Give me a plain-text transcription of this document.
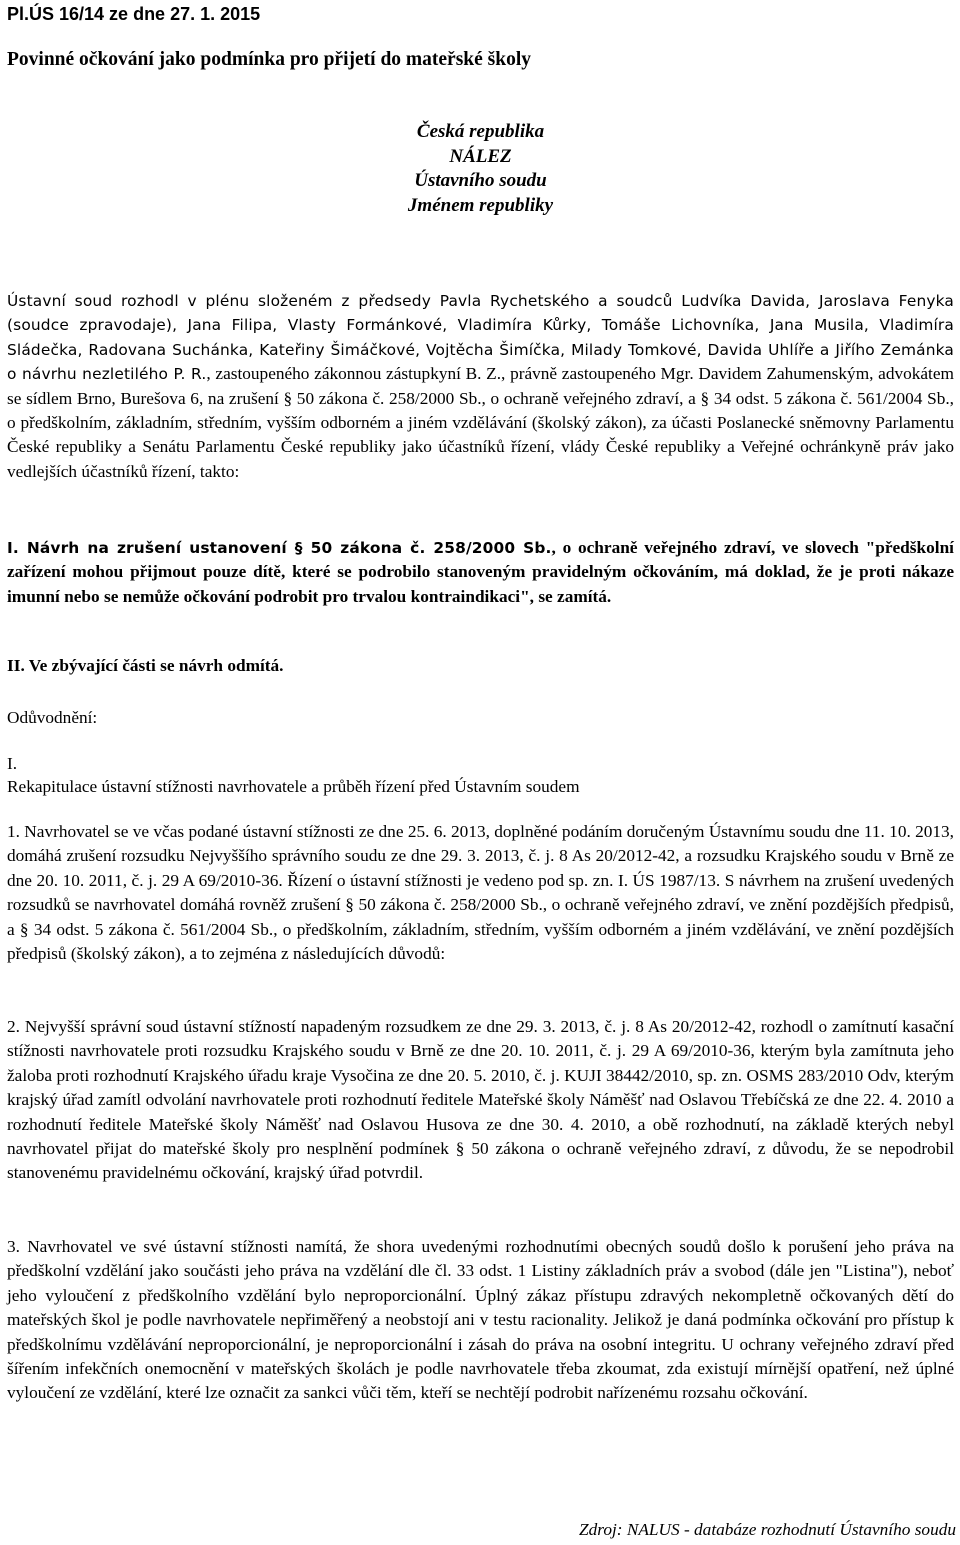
Pl.ÚS 16/14 ze dne 27. 1. 2015

Povinné očkování jako podmínka pro přijetí do mateřské školy

Česká republika
NÁLEZ
Ústavního soudu
Jménem republiky

Ústavní soud rozhodl v plénu složeném z předsedy Pavla Rychetského a soudců Ludvíka Davida, Jaroslava Fenyka (soudce zpravodaje), Jana Filipa, Vlasty Formánkové, Vladimíra Kůrky, Tomáše Lichovníka, Jana Musila, Vladimíra Sládečka, Radovana Suchánka, Kateřiny Šimáčkové, Vojtěcha Šimíčka, Milady Tomkové, Davida Uhlíře a Jiřího Zemánka o návrhu nezletilého P. R., zastoupeného zákonnou zástupkyní B. Z., právně zastoupeného Mgr. Davidem Zahumenským, advokátem se sídlem Brno, Burešova 6, na zrušení § 50 zákona č. 258/2000 Sb., o ochraně veřejného zdraví, a § 34 odst. 5 zákona č. 561/2004 Sb., o předškolním, základním, středním, vyšším odborném a jiném vzdělávání (školský zákon), za účasti Poslanecké sněmovny Parlamentu České republiky a Senátu Parlamentu České republiky jako účastníků řízení, vlády České republiky a Veřejné ochránkyně práv jako vedlejších účastníků řízení, takto:

I. Návrh na zrušení ustanovení § 50 zákona č. 258/2000 Sb., o ochraně veřejného zdraví, ve slovech "předškolní zařízení mohou přijmout pouze dítě, které se podrobilo stanoveným pravidelným očkováním, má doklad, že je proti nákaze imunní nebo se nemůže očkování podrobit pro trvalou kontraindikaci", se zamítá.

II. Ve zbývající části se návrh odmítá.

Odůvodnění:

I.

Rekapitulace ústavní stížnosti navrhovatele a průběh řízení před Ústavním soudem

1. Navrhovatel se ve včas podané ústavní stížnosti ze dne 25. 6. 2013, doplněné podáním doručeným Ústavnímu soudu dne 11. 10. 2013, domáhá zrušení rozsudku Nejvyššího správního soudu ze dne 29. 3. 2013, č. j. 8 As 20/2012-42, a rozsudku Krajského soudu v Brně ze dne 20. 10. 2011, č. j. 29 A 69/2010-36. Řízení o ústavní stížnosti je vedeno pod sp. zn. I. ÚS 1987/13. S návrhem na zrušení uvedených rozsudků se navrhovatel domáhá rovněž zrušení § 50 zákona č. 258/2000 Sb., o ochraně veřejného zdraví, ve znění pozdějších předpisů, a § 34 odst. 5 zákona č. 561/2004 Sb., o předškolním, základním, středním, vyšším odborném a jiném vzdělávání, ve znění pozdějších předpisů (školský zákon), a to zejména z následujících důvodů:

2. Nejvyšší správní soud ústavní stížností napadeným rozsudkem ze dne 29. 3. 2013, č. j. 8 As 20/2012-42, rozhodl o zamítnutí kasační stížnosti navrhovatele proti rozsudku Krajského soudu v Brně ze dne 20. 10. 2011, č. j. 29 A 69/2010-36, kterým byla zamítnuta jeho žaloba proti rozhodnutí Krajského úřadu kraje Vysočina ze dne 20. 5. 2010, č. j. KUJI 38442/2010, sp. zn. OSMS 283/2010 Odv, kterým krajský úřad zamítl odvolání navrhovatele proti rozhodnutí ředitele Mateřské školy Náměšť nad Oslavou Třebíčská ze dne 22. 4. 2010 a rozhodnutí ředitele Mateřské školy Náměšť nad Oslavou Husova ze dne 30. 4. 2010, a obě rozhodnutí, na základě kterých nebyl navrhovatel přijat do mateřské školy pro nesplnění podmínek § 50 zákona o ochraně veřejného zdraví, z důvodu, že se nepodrobil stanovenému pravidelnému očkování, krajský úřad potvrdil.

3. Navrhovatel ve své ústavní stížnosti namítá, že shora uvedenými rozhodnutími obecných soudů došlo k porušení jeho práva na předškolní vzdělání jako součásti jeho práva na vzdělání dle čl. 33 odst. 1 Listiny základních práv a svobod (dále jen "Listina"), neboť jeho vyloučení z předškolního vzdělání bylo neproporcionální. Úplný zákaz přístupu zdravých nekompletně očkovaných dětí do mateřských škol je podle navrhovatele nepřiměřený a neobstojí ani v testu racionality. Jelikož je daná podmínka očkování pro přístup k předškolnímu vzdělávání neproporcionální, je neproporcionální i zásah do práva na osobní integritu. U ochrany veřejného zdraví před šířením infekčních onemocnění v mateřských školách je podle navrhovatele třeba zkoumat, zda existují mírnější opatření, než úplné vyloučení ze vzdělání, které lze označit za sankci vůči těm, kteří se nechtějí podrobit nařízenému rozsahu očkování.

Zdroj: NALUS - databáze rozhodnutí Ústavního soudu
